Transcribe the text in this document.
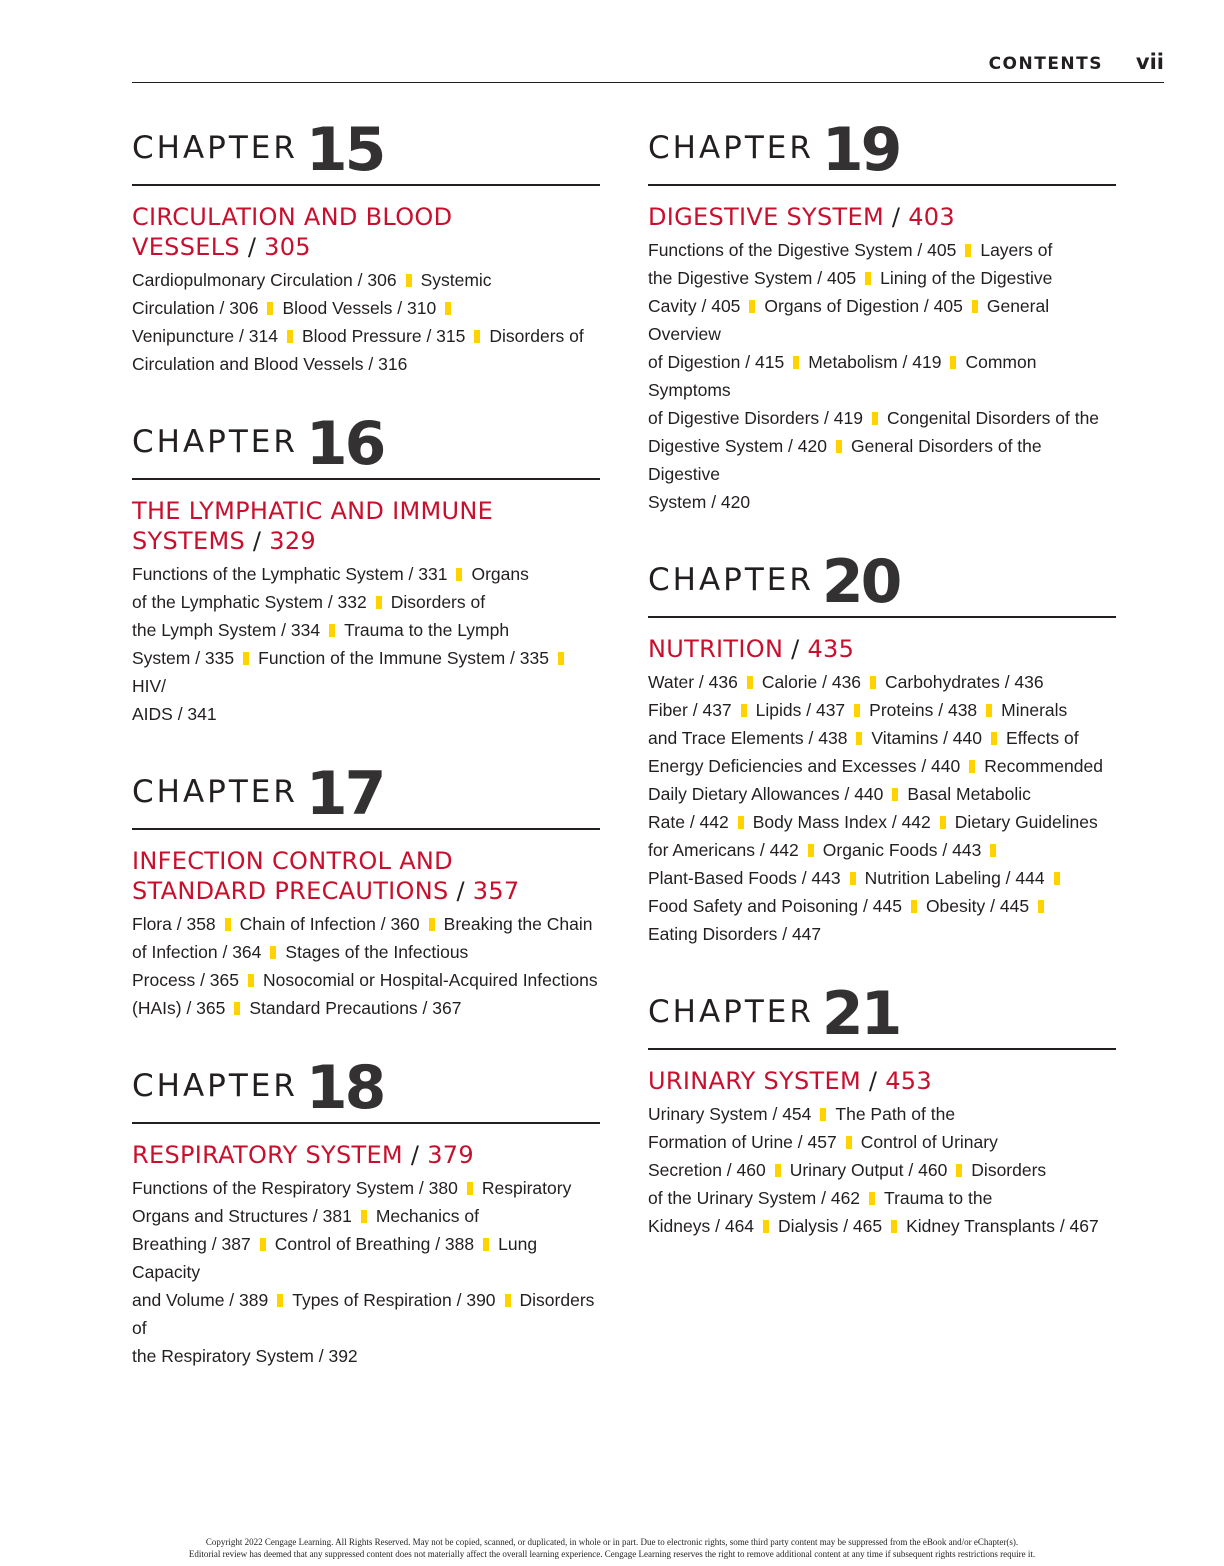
CONTENTS vii
CHAPTER 15
CIRCULATION AND BLOOD
VESSELS / 305
Cardiopulmonary Circulation / 306 Systemic
Circulation / 306 Blood Vessels / 310
Venipuncture / 314 Blood Pressure / 315 Disorders of
Circulation and Blood Vessels / 316
CHAPTER 16
THE LYMPHATIC AND IMMUNE
SYSTEMS / 329
Functions of the Lymphatic System / 331 Organs
of the Lymphatic System / 332 Disorders of
the Lymph System / 334 Trauma to the Lymph
System / 335 Function of the Immune System / 335HIV/
AIDS / 341
CHAPTER 17
INFECTION CONTROL AND
STANDARD PRECAUTIONS / 357
Flora / 358 Chain of Infection / 360 Breaking the Chain
of Infection / 364 Stages of the Infectious
Process / 365 Nosocomial or Hospital-Acquired Infections
(HAIs) / 365 Standard Precautions / 367
CHAPTER 18
RESPIRATORY SYSTEM / 379
Functions of the Respiratory System / 380 Respiratory
Organs and Structures / 381 Mechanics of
Breathing / 387 Control of Breathing / 388 Lung Capacity
and Volume / 389 Types of Respiration / 390 Disorders of
the Respiratory System / 392
CHAPTER 19
DIGESTIVE SYSTEM / 403
Functions of the Digestive System / 405 Layers of
the Digestive System / 405 Lining of the Digestive
Cavity / 405 Organs of Digestion / 405 General Overview
of Digestion / 415 Metabolism / 419 Common Symptoms
of Digestive Disorders / 419 Congenital Disorders of the
Digestive System / 420 General Disorders of the Digestive
System / 420
CHAPTER 20
NUTRITION / 435
Water / 436 Calorie / 436 Carbohydrates / 436
Fiber / 437 Lipids / 437 Proteins / 438 Minerals
and Trace Elements / 438 Vitamins / 440 Effects of
Energy Deficiencies and Excesses / 440 Recommended
Daily Dietary Allowances / 440 Basal Metabolic
Rate / 442 Body Mass Index / 442 Dietary Guidelines
for Americans / 442 Organic Foods / 443
Plant-Based Foods / 443 Nutrition Labeling / 444
Food Safety and Poisoning / 445 Obesity / 445
Eating Disorders / 447
CHAPTER 21
URINARY SYSTEM / 453
Urinary System / 454 The Path of the
Formation of Urine / 457 Control of Urinary
Secretion / 460 Urinary Output / 460 Disorders
of the Urinary System / 462 Trauma to the
Kidneys / 464 Dialysis / 465 Kidney Transplants / 467
Copyright 2022 Cengage Learning. All Rights Reserved. May not be copied, scanned, or duplicated, in whole or in part. Due to electronic rights, some third party content may be suppressed from the eBook and/or eChapter(s).
Editorial review has deemed that any suppressed content does not materially affect the overall learning experience. Cengage Learning reserves the right to remove additional content at any time if subsequent rights restrictions require it.
